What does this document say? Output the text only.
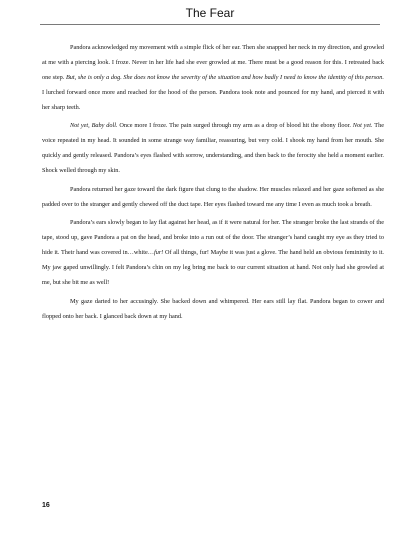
The Fear

Pandora acknowledged my movement with a simple flick of her ear. Then she snapped her neck in my direction, and growled at me with a piercing look. I froze. Never in her life had she ever growled at me. There must be a good reason for this. I retreated back one step. But, she is only a dog. She does not know the severity of the situation and how badly I need to know the identity of this person. I lurched forward once more and reached for the hood of the person. Pandora took note and pounced for my hand, and pierced it with her sharp teeth.

Not yet, Baby doll. Once more I froze. The pain surged through my arm as a drop of blood hit the ebony floor. Not yet. The voice repeated in my head. It sounded in some strange way familiar, reassuring, but very cold. I shook my hand from her mouth. She quickly and gently released. Pandora’s eyes flashed with sorrow, understanding, and then back to the ferocity she held a moment earlier. Shock welled through my skin.

Pandora returned her gaze toward the dark figure that clung to the shadow. Her muscles relaxed and her gaze softened as she padded over to the stranger and gently chewed off the duct tape. Her eyes flashed toward me any time I even as much took a breath.

Pandora’s ears slowly began to lay flat against her head, as if it were natural for her. The stranger broke the last strands of the tape, stood up, gave Pandora a pat on the head, and broke into a run out of the door. The stranger’s hand caught my eye as they tried to hide it. Their hand was covered in…white…fur! Of all things, fur! Maybe it was just a glove. The hand held an obvious femininity to it. My jaw gaped unwillingly. I felt Pandora’s chin on my leg bring me back to our current situation at hand. Not only had she growled at me, but she bit me as well!

My gaze darted to her accusingly. She backed down and whimpered. Her ears still lay flat. Pandora began to cower and flopped onto her back. I glanced back down at my hand.

16
